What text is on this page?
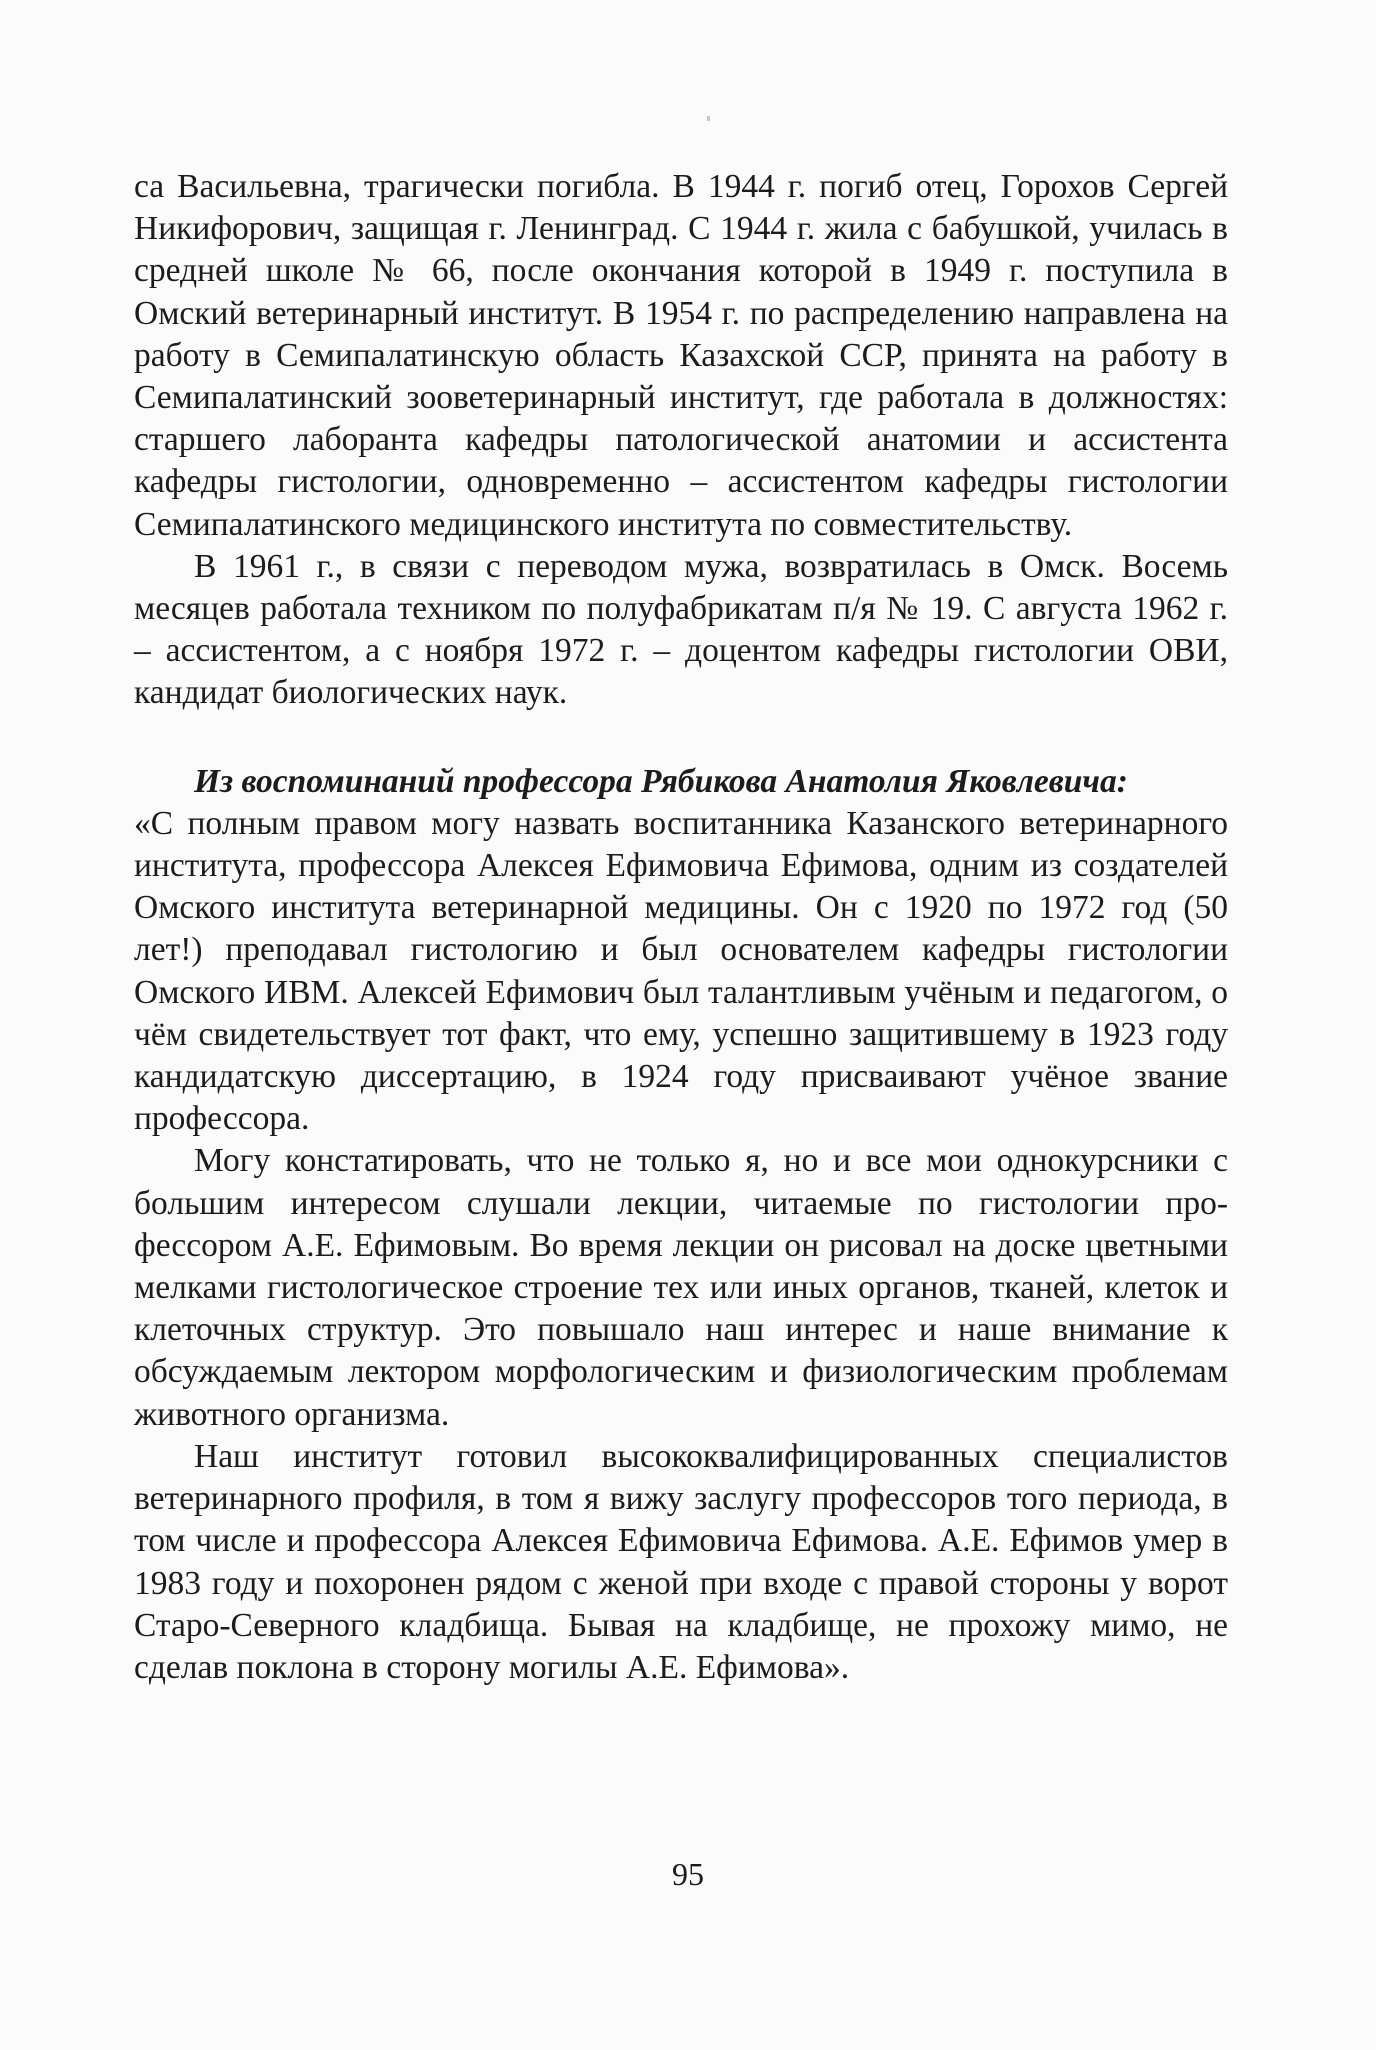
са Васильевна, трагически погибла. В 1944 г. погиб отец, Горохов Сергей Никифорович, защищая г. Ленинград. С 1944 г. жила с бабушкой, училась в средней школе № 66, после окончания которой в 1949 г. поступила в Омский ветеринарный институт. В 1954 г. по распределению направлена на работу в Семипалатинскую область Казахской ССР, принята на работу в Семипалатинский зооветеринарный институт, где работала в должностях: старшего лаборанта кафедры патологической анатомии и ассистента кафедры гистологии, одновременно – ассистентом кафедры гистологии Семипалатинского медицинского института по совместительству.

В 1961 г., в связи с переводом мужа, возвратилась в Омск. Восемь месяцев работала техником по полуфабрикатам п/я № 19. С августа 1962 г. – ассистентом, а с ноября 1972 г. – доцентом кафедры гистологии ОВИ, кандидат биологических наук.

Из воспоминаний профессора Рябикова Анатолия Яковлевича:

«С полным правом могу назвать воспитанника Казанского ветеринарного института, профессора Алексея Ефимовича Ефимова, одним из создателей Омского института ветеринарной медицины. Он с 1920 по 1972 год (50 лет!) преподавал гистологию и был основателем кафедры гистологии Омского ИВМ. Алексей Ефимович был талантливым учёным и педагогом, о чём свидетельствует тот факт, что ему, успешно защитившему в 1923 году кандидатскую диссертацию, в 1924 году присваивают учёное звание профессора.

Могу констатировать, что не только я, но и все мои однокурсники с большим интересом слушали лекции, читаемые по гистологии профессором А.Е. Ефимовым. Во время лекции он рисовал на доске цветными мелками гистологическое строение тех или иных органов, тканей, клеток и клеточных структур. Это повышало наш интерес и наше внимание к обсуждаемым лектором морфологическим и физиологическим проблемам животного организма.

Наш институт готовил высококвалифицированных специалистов ветеринарного профиля, в том я вижу заслугу профессоров того периода, в том числе и профессора Алексея Ефимовича Ефимова. А.Е. Ефимов умер в 1983 году и похоронен рядом с женой при входе с правой стороны у ворот Старо-Северного кладбища. Бывая на кладбище, не прохожу мимо, не сделав поклона в сторону могилы А.Е. Ефимова».

95
